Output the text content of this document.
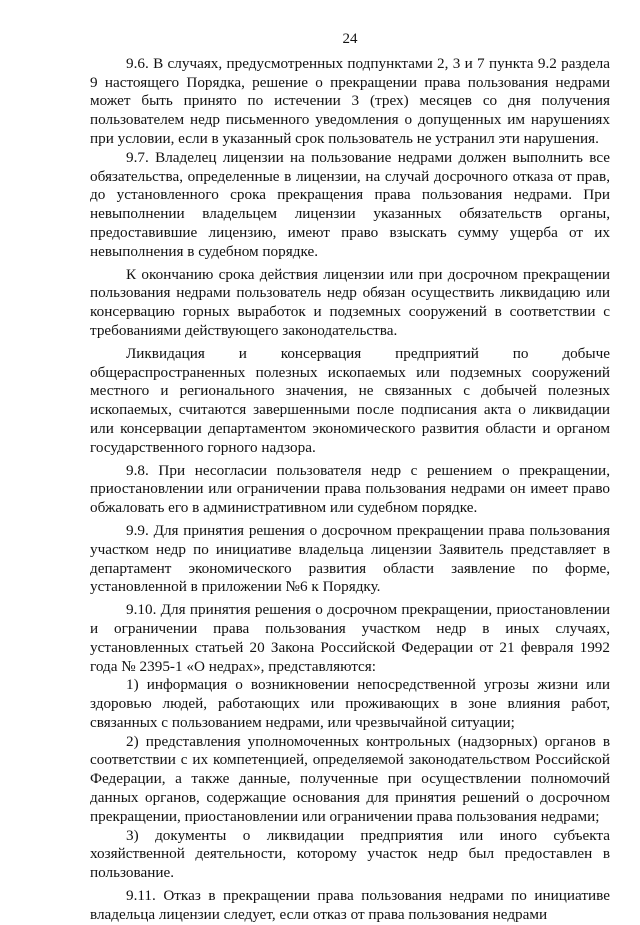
24

9.6. В случаях, предусмотренных подпунктами 2, 3 и 7 пункта 9.2 раздела 9 настоящего Порядка, решение о прекращении права пользования недрами может быть принято по истечении 3 (трех) месяцев со дня получения пользователем недр письменного уведомления о допущенных им нарушениях при условии, если в указанный срок пользователь не устранил эти нарушения.

9.7. Владелец лицензии на пользование недрами должен выполнить все обязательства, определенные в лицензии, на случай досрочного отказа от прав, до установленного срока прекращения права пользования недрами. При невыполнении владельцем лицензии указанных обязательств органы, предоставившие лицензию, имеют право взыскать сумму ущерба от их невыполнения в судебном порядке.

К окончанию срока действия лицензии или при досрочном прекращении пользования недрами пользователь недр обязан осуществить ликвидацию или консервацию горных выработок и подземных сооружений в соответствии с требованиями действующего законодательства.

Ликвидация и консервация предприятий по добыче общераспространенных полезных ископаемых или подземных сооружений местного и регионального значения, не связанных с добычей полезных ископаемых, считаются завершенными после подписания акта о ликвидации или консервации департаментом экономического развития области и органом государственного горного надзора.

9.8. При несогласии пользователя недр с решением о прекращении, приостановлении или ограничении права пользования недрами он имеет право обжаловать его в административном или судебном порядке.

9.9. Для принятия решения о досрочном прекращении права пользования участком недр по инициативе владельца лицензии Заявитель представляет в департамент экономического развития области заявление по форме, установленной в приложении №6 к Порядку.

9.10. Для принятия решения о досрочном прекращении, приостановлении и ограничении права пользования участком недр в иных случаях, установленных статьей 20 Закона Российской Федерации от 21 февраля 1992 года № 2395-1 «О недрах», представляются:

1) информация о возникновении непосредственной угрозы жизни или здоровью людей, работающих или проживающих в зоне влияния работ, связанных с пользованием недрами, или чрезвычайной ситуации;

2) представления уполномоченных контрольных (надзорных) органов в соответствии с их компетенцией, определяемой законодательством Российской Федерации, а также данные, полученные при осуществлении полномочий данных органов, содержащие основания для принятия решений о досрочном прекращении, приостановлении или ограничении права пользования недрами;

3) документы о ликвидации предприятия или иного субъекта хозяйственной деятельности, которому участок недр был предоставлен в пользование.

9.11. Отказ в прекращении права пользования недрами по инициативе владельца лицензии следует, если отказ от права пользования недрами
